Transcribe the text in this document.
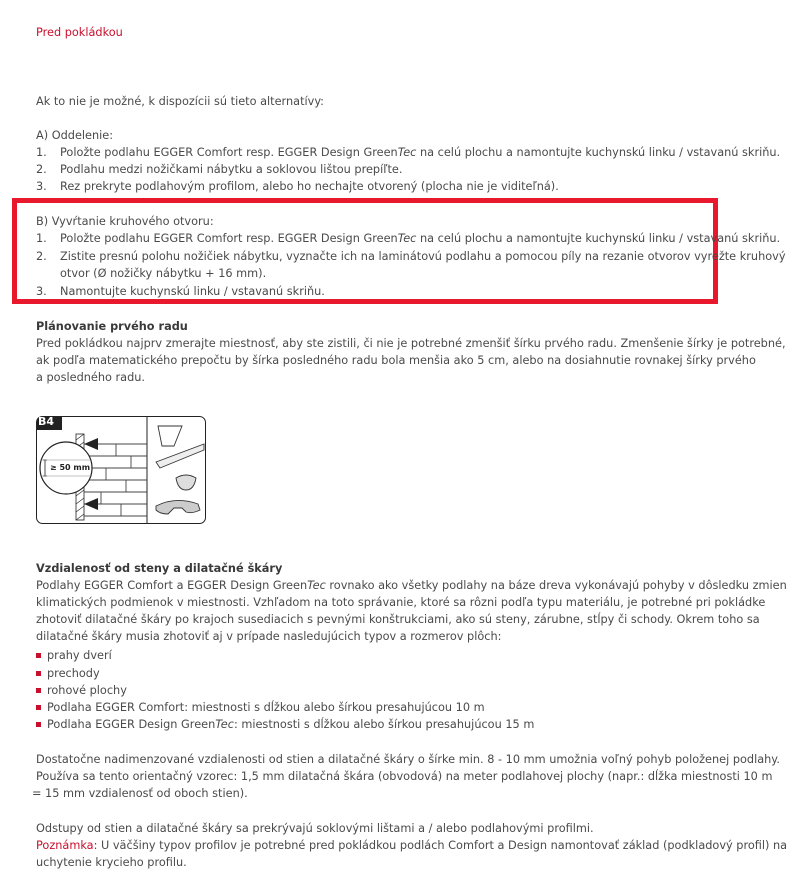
Pred pokládkou
Ak to nie je možné, k dispozícii sú tieto alternatívy:
A) Oddelenie:
1. Položte podlahu EGGER Comfort resp. EGGER Design GreenTec na celú plochu a namontujte kuchynskú linku / vstavanú skriňu.
2. Podlahu medzi nožičkami nábytku a soklovou lištou prepíľte.
3. Rez prekryte podlahovým profilom, alebo ho nechajte otvorený (plocha nie je viditeľná).
B) Vyvŕtanie kruhového otvoru:
1. Položte podlahu EGGER Comfort resp. EGGER Design GreenTec na celú plochu a namontujte kuchynskú linku / vstavanú skriňu.
2. Zistite presnú polohu nožičiek nábytku, vyznačte ich na laminátovú podlahu a pomocou píly na rezanie otvorov vyrežte kruhový
otvor (Ø nožičky nábytku + 16 mm).
3. Namontujte kuchynskú linku / vstavanú skriňu.
Plánovanie prvého radu
Pred pokládkou najprv zmerajte miestnosť, aby ste zistili, či nie je potrebné zmenšiť šírku prvého radu. Zmenšenie šírky je potrebné,
ak podľa matematického prepočtu by šírka posledného radu bola menšia ako 5 cm, alebo na dosiahnutie rovnakej šírky prvého
a posledného radu.
B4
≥ 50 mm
Vzdialenosť od steny a dilatačné škáry
Podlahy EGGER Comfort a EGGER Design GreenTec rovnako ako všetky podlahy na báze dreva vykonávajú pohyby v dôsledku zmien
klimatických podmienok v miestnosti. Vzhľadom na toto správanie, ktoré sa rôzni podľa typu materiálu, je potrebné pri pokládke
zhotoviť dilatačné škáry po krajoch susediacich s pevnými konštrukciami, ako sú steny, zárubne, stĺpy či schody. Okrem toho sa
dilatačné škáry musia zhotoviť aj v prípade nasledujúcich typov a rozmerov plôch:
prahy dverí
prechody
rohové plochy
Podlaha EGGER Comfort: miestnosti s dĺžkou alebo šírkou presahujúcou 10 m
Podlaha EGGER Design GreenTec: miestnosti s dĺžkou alebo šírkou presahujúcou 15 m
Dostatočne nadimenzované vzdialenosti od stien a dilatačné škáry o šírke min. 8 - 10 mm umožnia voľný pohyb položenej podlahy.
Používa sa tento orientačný vzorec: 1,5 mm dilatačná škára (obvodová) na meter podlahovej plochy (napr.: dĺžka miestnosti 10 m
= 15 mm vzdialenosť od oboch stien).
Odstupy od stien a dilatačné škáry sa prekrývajú soklovými lištami a / alebo podlahovými profilmi.
Poznámka: U väčšiny typov profilov je potrebné pred pokládkou podlách Comfort a Design namontovať základ (podkladový profil) na
uchytenie krycieho profilu.
